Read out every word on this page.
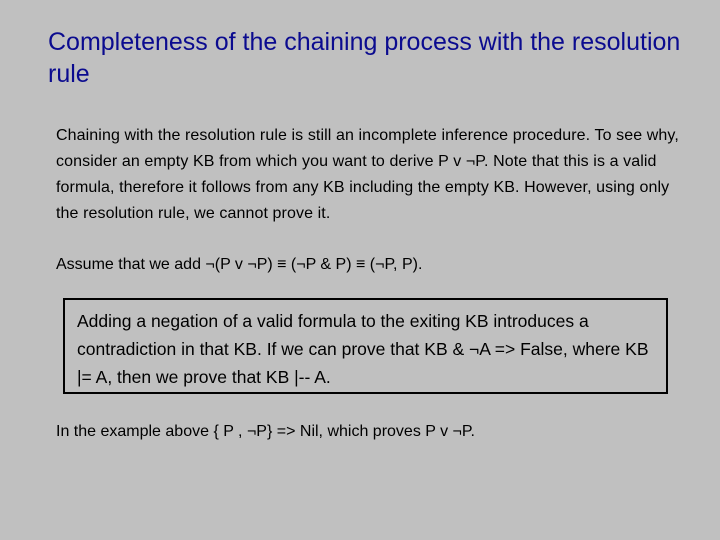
Completeness of the chaining process with the resolution rule

Chaining with the resolution rule is still an incomplete inference procedure. To see why, consider an empty KB from which you want to derive P v ¬P. Note that this is a valid formula, therefore it follows from any KB including the empty KB. However, using only the resolution rule, we cannot prove it.

Assume that we add ¬(P v ¬P) ≡ (¬P & P) ≡ (¬P, P).

Adding a negation of a valid formula to the exiting KB introduces a contradiction in that KB. If we can prove that KB & ¬A => False, where KB |= A, then we prove that KB |-- A.

In the example above { P , ¬P} => Nil, which proves P v ¬P.
